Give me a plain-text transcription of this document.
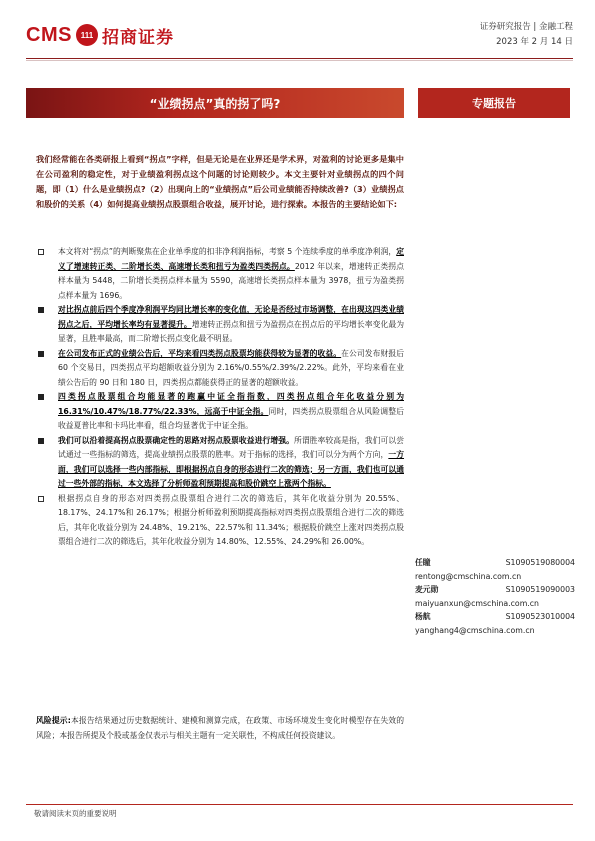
CMS	111 招商证券
证券研究报告 | 金融工程
2023 年 2 月 14 日
“业绩拐点”真的拐了吗?	专题报告
我们经常能在各类研报上看到“拐点”字样，但是无论是在业界还是学术界，对盈利的讨论更多是集中在公司盈利的稳定性，对于业绩盈利拐点这个问题的讨论则较少。本文主要针对业绩拐点的四个问题，即（1）什么是业绩拐点?（2）出现向上的“业绩拐点”后公司业绩能否持续改善?（3）业绩拐点和股价的关系（4）如何提高业绩拐点股票组合收益，展开讨论，进行探索。本报告的主要结论如下:
本文将对“拐点”的判断聚焦在企业单季度的扣非净利润指标，考察 5 个连续季度的单季度净利润，定义了增速转正类、二阶增长类、高速增长类和扭亏为盈类四类拐点。2012 年以来，增速转正类拐点样本量为 5448，二阶增长类拐点样本量为 5590，高速增长类拐点样本量为 3978，扭亏为盈类拐点样本量为 1696。
对比拐点前后四个季度净利润平均同比增长率的变化值，无论是否经过市场调整，在出现这四类业绩拐点之后，平均增长率均有显著提升。增速转正拐点和扭亏为盈拐点在拐点后的平均增长率变化最为显著，且胜率最高，而二阶增长拐点变化最不明显。
在公司发布正式的业绩公告后，平均来看四类拐点股票均能获得较为显著的收益。在公司发布财报后 60 个交易日，四类拐点平均超额收益分别为 2.16%/0.55%/2.39%/2.22%。此外，平均来看在业绩公告后的 90 日和 180 日，四类拐点都能获得正的显著的超额收益。
四类拐点股票组合均能显著的跑赢中证全指指数，四类拐点组合年化收益分别为 16.31%/10.47%/18.77%/22.33%，远高于中证全指。同时，四类拐点股票组合从风险调整后收益夏普比率和卡玛比率看，组合均显著优于中证全指。
我们可以沿着提高拐点股票确定性的思路对拐点股票收益进行增强。所谓胜率较高是指，我们可以尝试通过一些指标的筛选，提高业绩拐点股票的胜率。对于指标的选择，我们可以分为两个方向，一方面，我们可以选择一些内部指标，即根据拐点自身的形态进行二次的筛选；另一方面，我们也可以通过一些外部的指标，本文选择了分析师盈利预期提高和股价跳空上涨两个指标。
根据拐点自身的形态对四类拐点股票组合进行二次的筛选后，其年化收益分别为 20.55%、18.17%、24.17%和 26.17%；根据分析师盈利预期提高指标对四类拐点股票组合进行二次的筛选后，其年化收益分别为 24.48%、19.21%、22.57%和 11.34%；根据股价跳空上涨对四类拐点股票组合进行二次的筛选后，其年化收益分别为 14.80%、12.55%、24.29%和 26.00%。
任瞳	S1090519080004
rentong@cmschina.com.cn
麦元勋	S1090519090003
maiyuanxun@cmschina.com.cn
杨航	S1090523010004
yanghang4@cmschina.com.cn
风险提示:本报告结果通过历史数据统计、建模和测算完成，在政策、市场环境发生变化时模型存在失效的风险；本报告所提及个股或基金仅表示与相关主题有一定关联性，不构成任何投资建议。
敬请阅读末页的重要说明
